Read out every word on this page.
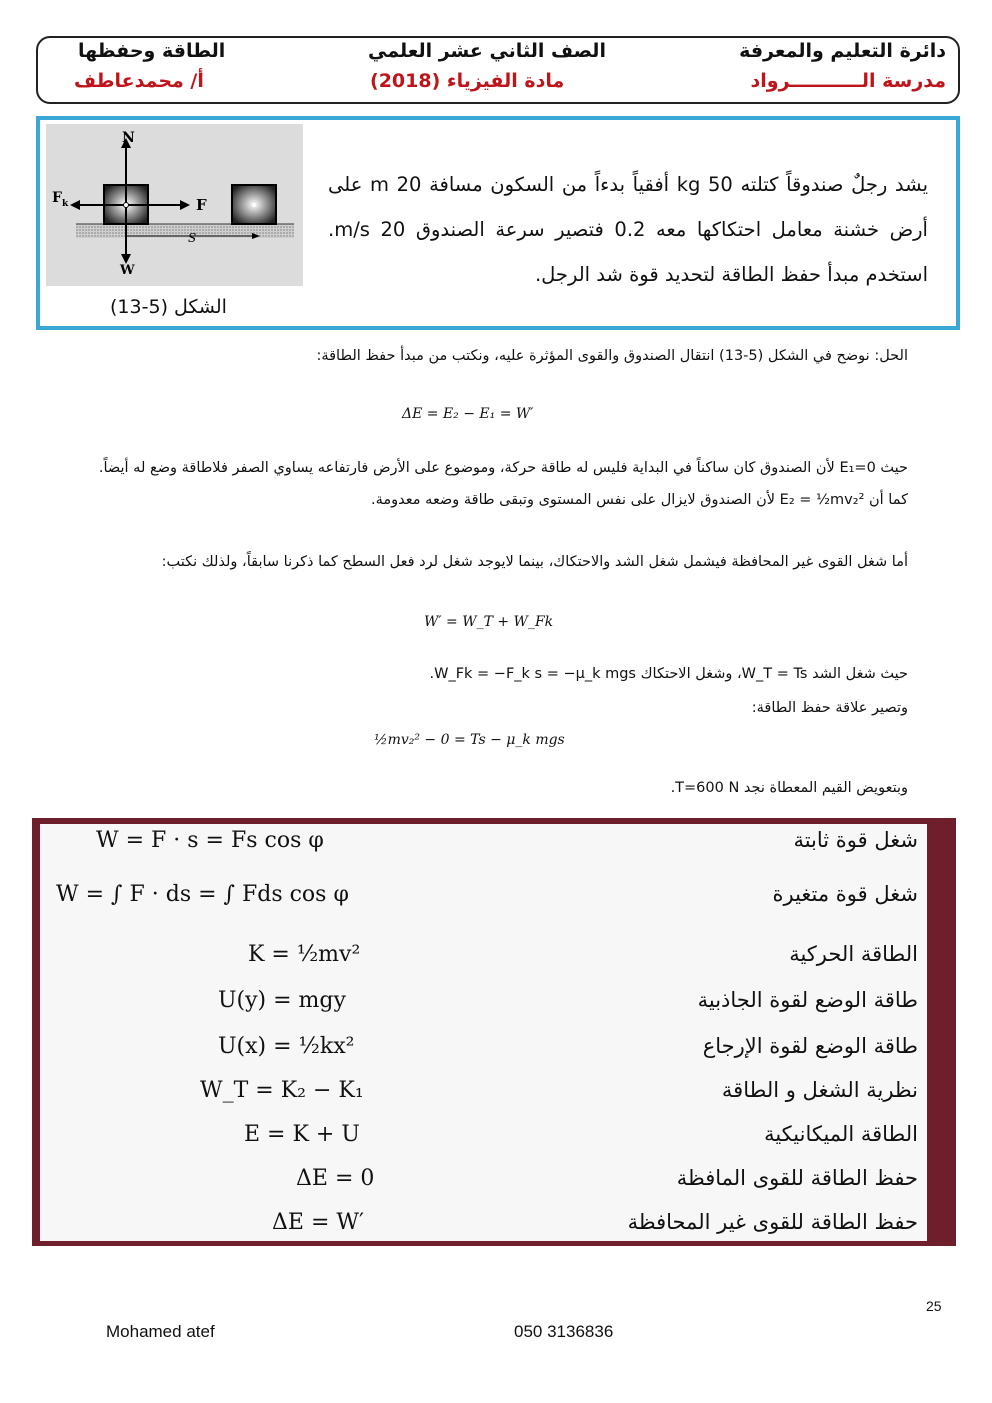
دائرة التعليم والمعرفة
مدرسة الـــــــــــرواد
الصف الثاني عشر العلمي
مادة الفيزياء (2018)
الطاقة وحفظها
أ/ محمدعاطف
N
W
F
F k
S
الشكل (5-13)
يشد رجلٌ صندوقاً كتلته 50 kg أفقياً بدءاً من السكون مسافة 20 m على أرض خشنة معامل احتكاكها معه 0.2 فتصير سرعة الصندوق m/s 20. استخدم مبدأ حفظ الطاقة لتحديد قوة شد الرجل.
الحل: نوضح في الشكل (5-13) انتقال الصندوق والقوى المؤثرة عليه، ونكتب من مبدأ حفظ الطاقة:
ΔE = E₂ − E₁ = W′
حيث E₁=0 لأن الصندوق كان ساكناً في البداية فليس له طاقة حركة، وموضوع على الأرض فارتفاعه يساوي الصفر فلاطاقة وضع له أيضاً. كما أن E₂ = ½mv₂² لأن الصندوق لايزال على نفس المستوى وتبقى طاقة وضعه معدومة.
أما شغل القوى غير المحافظة فيشمل شغل الشد والاحتكاك، بينما لايوجد شغل لرد فعل السطح كما ذكرنا سابقاً، ولذلك نكتب:
W′ = W_T + W_Fk
حيث شغل الشد W_T = Ts، وشغل الاحتكاك W_Fk = −F_k s = −μ_k mgs.
وتصير علاقة حفظ الطاقة:
½mv₂² − 0 = Ts − μ_k mgs
وبتعويض القيم المعطاة نجد T=600 N.
شغل قوة ثابتة
W = F · s = Fs cos φ
شغل قوة متغيرة
W = ∫ F · ds = ∫ Fds cos φ
الطاقة الحركية
K = ½mv²
طاقة الوضع لقوة الجاذبية
U(y) = mgy
طاقة الوضع لقوة الإرجاع
U(x) = ½kx²
نظرية الشغل و الطاقة
W_T = K₂ − K₁
الطاقة الميكانيكية
E = K + U
حفظ الطاقة للقوى المافظة
ΔE = 0
حفظ الطاقة للقوى غير المحافظة
ΔE = W′
25
Mohamed atef	050 3136836
